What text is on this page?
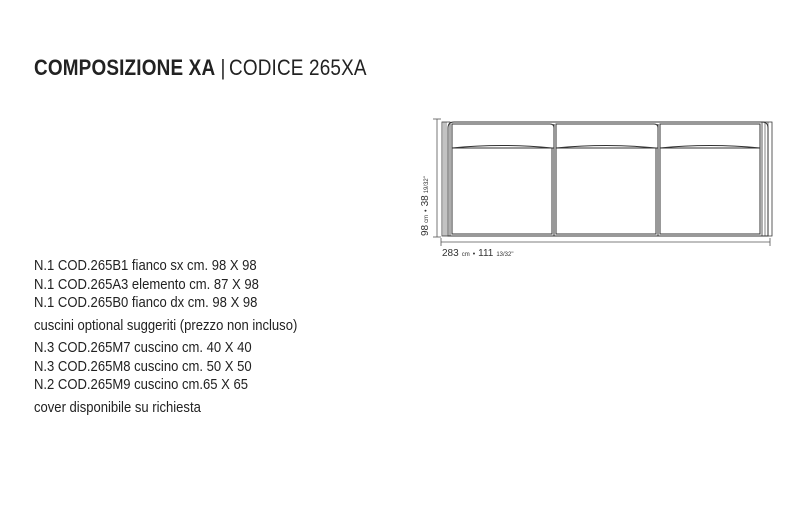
COMPOSIZIONE XA | CODICE 265XA
98cm•3819/32"
283 cm • 111 13/32"
N.1 COD.265B1 fianco sx cm. 98 X 98
N.1 COD.265A3 elemento cm. 87 X 98
N.1 COD.265B0 fianco dx cm. 98 X 98
cuscini optional suggeriti (prezzo non incluso)
N.3 COD.265M7 cuscino cm. 40 X 40
N.3 COD.265M8 cuscino cm. 50 X 50
N.2 COD.265M9 cuscino cm.65 X 65
cover disponibile su richiesta
